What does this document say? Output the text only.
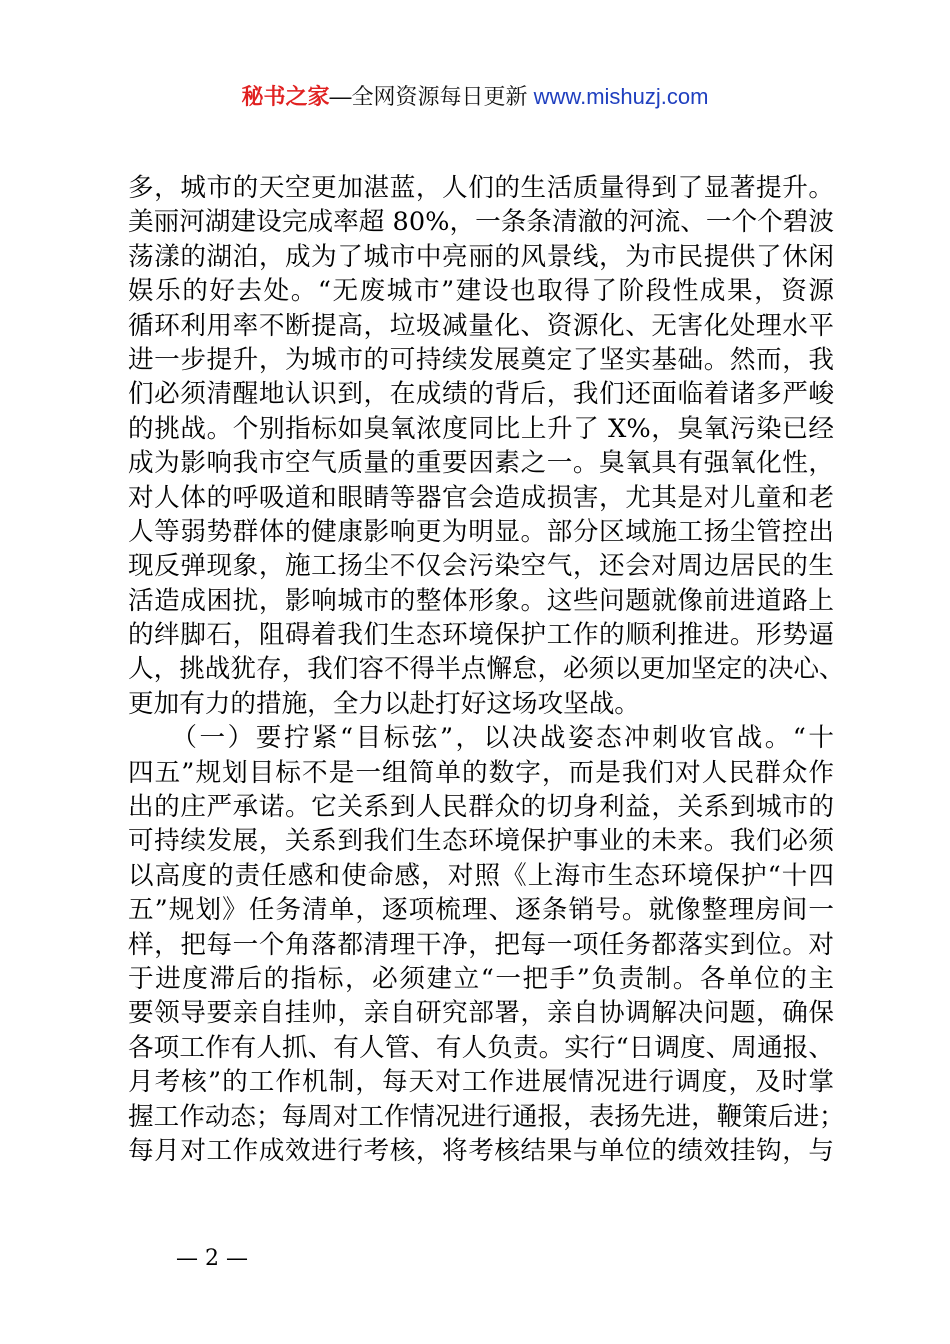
秘书之家—全网资源每日更新 www.mishuzj.com
多，城市的天空更加湛蓝，人们的生活质量得到了显著提升。
美丽河湖建设完成率超 80%，一条条清澈的河流、一个个碧波
荡漾的湖泊，成为了城市中亮丽的风景线，为市民提供了休闲
娱乐的好去处。“无废城市”建设也取得了阶段性成果，资源
循环利用率不断提高，垃圾减量化、资源化、无害化处理水平
进一步提升，为城市的可持续发展奠定了坚实基础。然而，我
们必须清醒地认识到，在成绩的背后，我们还面临着诸多严峻
的挑战。个别指标如臭氧浓度同比上升了 X%，臭氧污染已经
成为影响我市空气质量的重要因素之一。臭氧具有强氧化性，
对人体的呼吸道和眼睛等器官会造成损害，尤其是对儿童和老
人等弱势群体的健康影响更为明显。部分区域施工扬尘管控出
现反弹现象，施工扬尘不仅会污染空气，还会对周边居民的生
活造成困扰，影响城市的整体形象。这些问题就像前进道路上
的绊脚石，阻碍着我们生态环境保护工作的顺利推进。形势逼
人，挑战犹存，我们容不得半点懈怠，必须以更加坚定的决心、
更加有力的措施，全力以赴打好这场攻坚战。
　　（一）要拧紧“目标弦”，以决战姿态冲刺收官战。“十
四五”规划目标不是一组简单的数字，而是我们对人民群众作
出的庄严承诺。它关系到人民群众的切身利益，关系到城市的
可持续发展，关系到我们生态环境保护事业的未来。我们必须
以高度的责任感和使命感，对照《上海市生态环境保护“十四
五”规划》任务清单，逐项梳理、逐条销号。就像整理房间一
样，把每一个角落都清理干净，把每一项任务都落实到位。对
于进度滞后的指标，必须建立“一把手”负责制。各单位的主
要领导要亲自挂帅，亲自研究部署，亲自协调解决问题，确保
各项工作有人抓、有人管、有人负责。实行“日调度、周通报、
月考核”的工作机制，每天对工作进展情况进行调度，及时掌
握工作动态；每周对工作情况进行通报，表扬先进，鞭策后进；
每月对工作成效进行考核，将考核结果与单位的绩效挂钩，与
— 2 —
